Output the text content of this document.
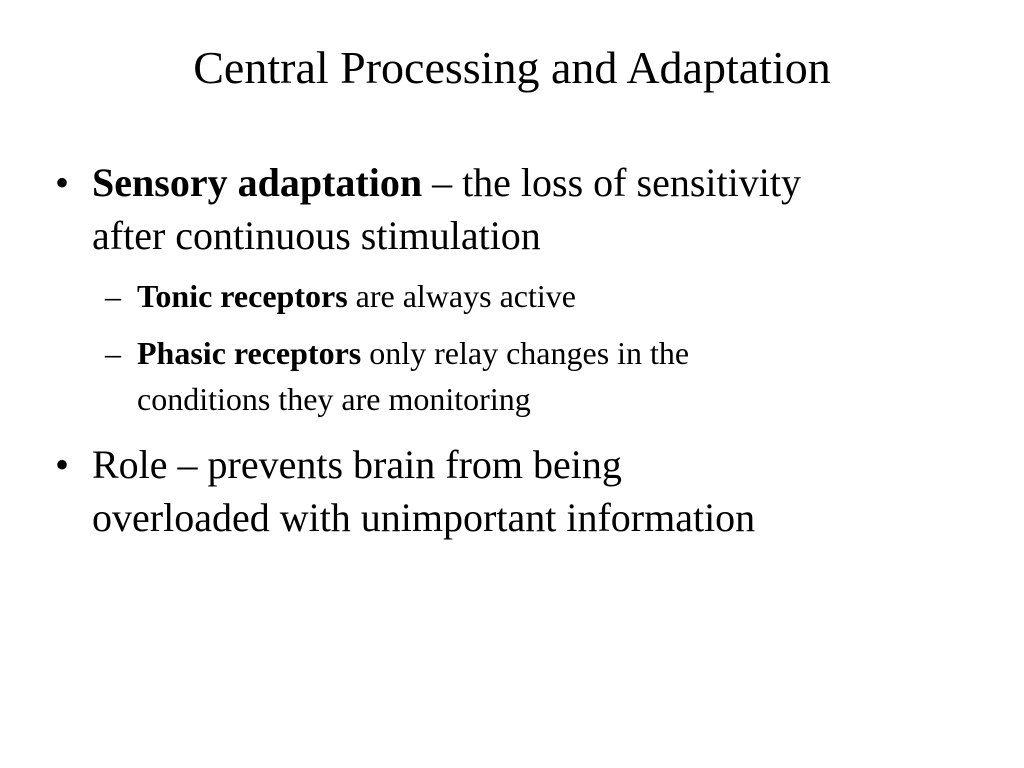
Central Processing and Adaptation
• Sensory adaptation – the loss of sensitivity
after continuous stimulation
– Tonic receptors are always active
– Phasic receptors only relay changes in the
conditions they are monitoring
• Role – prevents brain from being
overloaded with unimportant information
